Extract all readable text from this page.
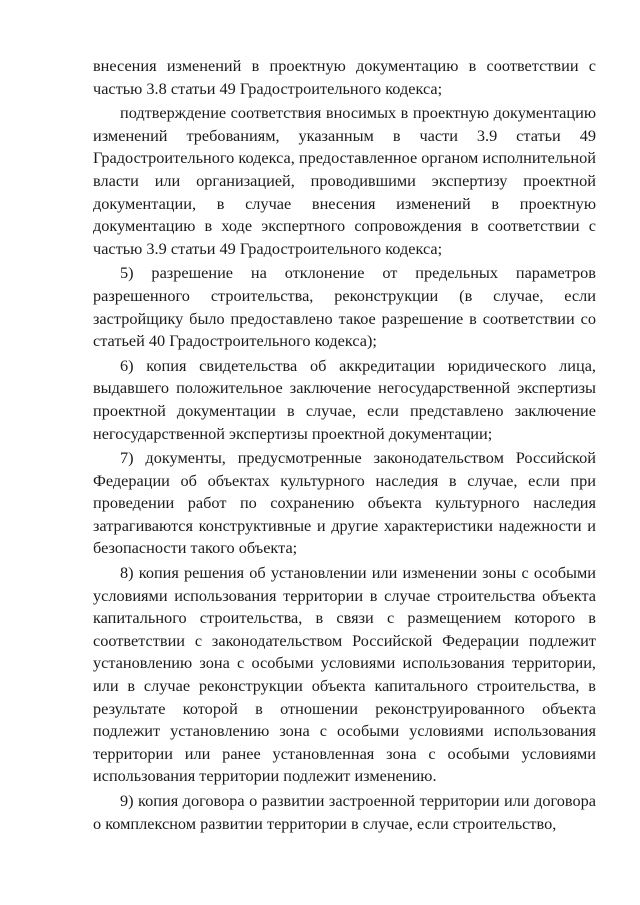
внесения изменений в проектную документацию в соответствии с частью 3.8 статьи 49 Градостроительного кодекса;

подтверждение соответствия вносимых в проектную документацию изменений требованиям, указанным в части 3.9 статьи 49 Градостроительного кодекса, предоставленное органом исполнительной власти или организацией, проводившими экспертизу проектной документации, в случае внесения изменений в проектную документацию в ходе экспертного сопровождения в соответствии с частью 3.9 статьи 49 Градостроительного кодекса;

5) разрешение на отклонение от предельных параметров разрешенного строительства, реконструкции (в случае, если застройщику было предоставлено такое разрешение в соответствии со статьей 40 Градостроительного кодекса);

6) копия свидетельства об аккредитации юридического лица, выдавшего положительное заключение негосударственной экспертизы проектной документации в случае, если представлено заключение негосударственной экспертизы проектной документации;

7) документы, предусмотренные законодательством Российской Федерации об объектах культурного наследия в случае, если при проведении работ по сохранению объекта культурного наследия затрагиваются конструктивные и другие характеристики надежности и безопасности такого объекта;

8) копия решения об установлении или изменении зоны с особыми условиями использования территории в случае строительства объекта капитального строительства, в связи с размещением которого в соответствии с законодательством Российской Федерации подлежит установлению зона с особыми условиями использования территории, или в случае реконструкции объекта капитального строительства, в результате которой в отношении реконструированного объекта подлежит установлению зона с особыми условиями использования территории или ранее установленная зона с особыми условиями использования территории подлежит изменению.

9) копия договора о развитии застроенной территории или договора о комплексном развитии территории в случае, если строительство,
